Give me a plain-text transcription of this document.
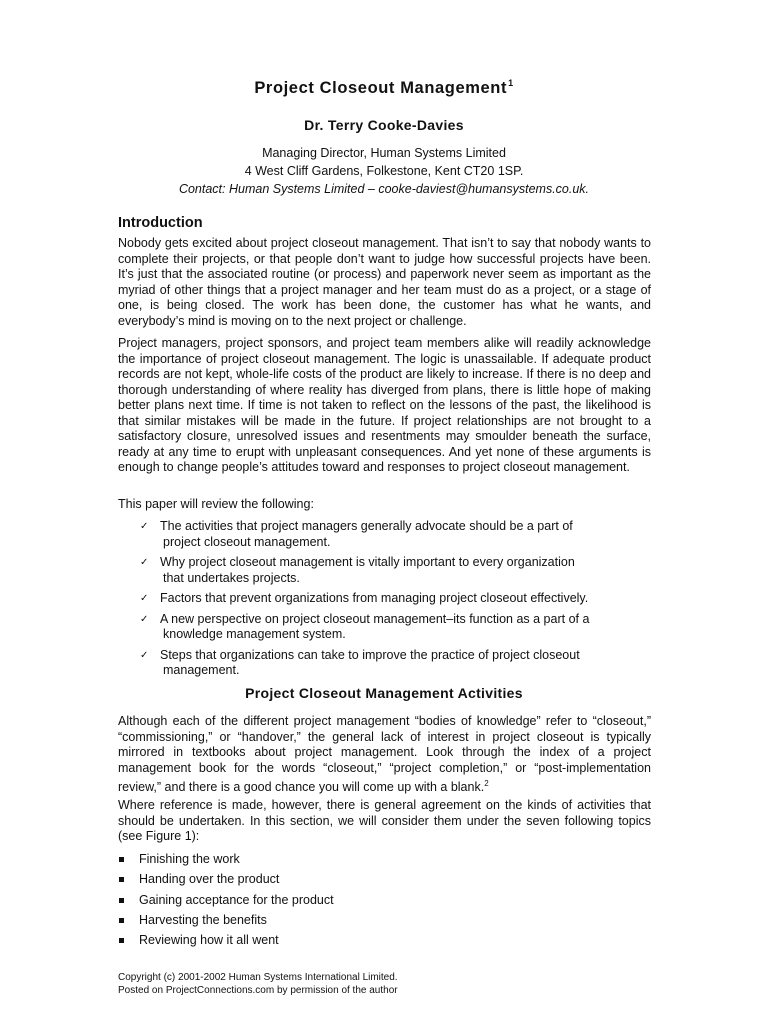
Project Closeout Management$^1$
Dr. Terry Cooke-Davies
Managing Director, Human Systems Limited
4 West Cliff Gardens, Folkestone, Kent CT20 1SP.
Contact: Human Systems Limited – cooke-daviest@humansystems.co.uk.
Introduction

Nobody gets excited about project closeout management. That isn’t to say that nobody wants to complete their projects, or that people don’t want to judge how successful projects have been. It’s just that the associated routine (or process) and paperwork never seem as important as the myriad of other things that a project manager and her team must do as a project, or a stage of one, is being closed. The work has been done, the customer has what he wants, and everybody’s mind is moving on to the next project or challenge.

Project managers, project sponsors, and project team members alike will readily acknowledge the importance of project closeout management. The logic is unassailable. If adequate product records are not kept, whole-life costs of the product are likely to increase. If there is no deep and thorough understanding of where reality has diverged from plans, there is little hope of making better plans next time. If time is not taken to reflect on the lessons of the past, the likelihood is that similar mistakes will be made in the future. If project relationships are not brought to a satisfactory closure, unresolved issues and resentments may smoulder beneath the surface, ready at any time to erupt with unpleasant consequences. And yet none of these arguments is enough to change people’s attitudes toward and responses to project closeout management.

This paper will review the following:

✓ The activities that project managers generally advocate should be a part of
project closeout management.
✓ Why project closeout management is vitally important to every organization
that undertakes projects.
✓ Factors that prevent organizations from managing project closeout effectively.
✓ A new perspective on project closeout management–its function as a part of a
knowledge management system.
✓ Steps that organizations can take to improve the practice of project closeout
management.
Project Closeout Management Activities

Although each of the different project management “bodies of knowledge” refer to “closeout,” “commissioning,” or “handover,” the general lack of interest in project closeout is typically mirrored in textbooks about project management. Look through the index of a project management book for the words “closeout,” “project completion,” or “post-implementation review,” and there is a good chance you will come up with a blank.$^2$

Where reference is made, however, there is general agreement on the kinds of activities that should be undertaken. In this section, we will consider them under the seven following topics (see Figure 1):

Finishing the work
Handing over the product
Gaining acceptance for the product
Harvesting the benefits
Reviewing how it all went
Copyright (c) 2001-2002 Human Systems International Limited.
Posted on ProjectConnections.com by permission of the author
